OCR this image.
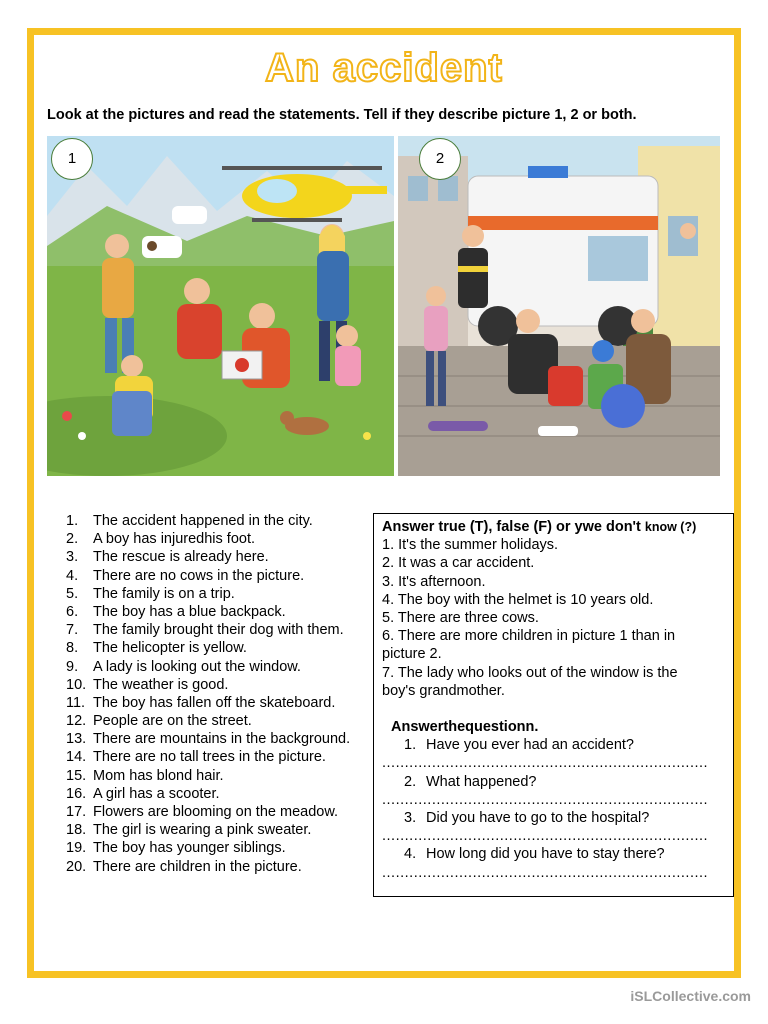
An accident
Look at the pictures and read the statements. Tell if they describe picture 1, 2 or both.
1	2
1. The accident happened in the city.
2. A boy has injuredhis foot.
3. The rescue is already here.
4. There are no cows in the picture.
5. The family is on a trip.
6. The boy has a blue backpack.
7. The family brought their dog with them.
8. The helicopter is yellow.
9. A lady is looking out the window.
10. The weather is good.
11. The boy has fallen off the skateboard.
12. People are on the street.
13. There are mountains in the background.
14. There are no tall trees in the picture.
15. Mom has blond hair.
16. A girl has a scooter.
17. Flowers are blooming on the meadow.
18. The girl is wearing a pink sweater.
19. The boy has younger siblings.
20. There are children in the picture.
Answer true (T), false (F) or ywe don't know (?)
1. It's the summer holidays.
2. It was a car accident.
3. It's afternoon.
4. The boy with the helmet is 10 years old.
5. There are three cows.
6. There are more children in picture 1 than in
picture 2.
7. The lady who looks out of the window is the
boy's grandmother.
Answerthequestionn.
1. Have you ever had an accident?
........................................................................
2. What happened?
........................................................................
3. Did you have to go to the hospital?
........................................................................
4. How long did you have to stay there?
........................................................................
iSLCollective.com
